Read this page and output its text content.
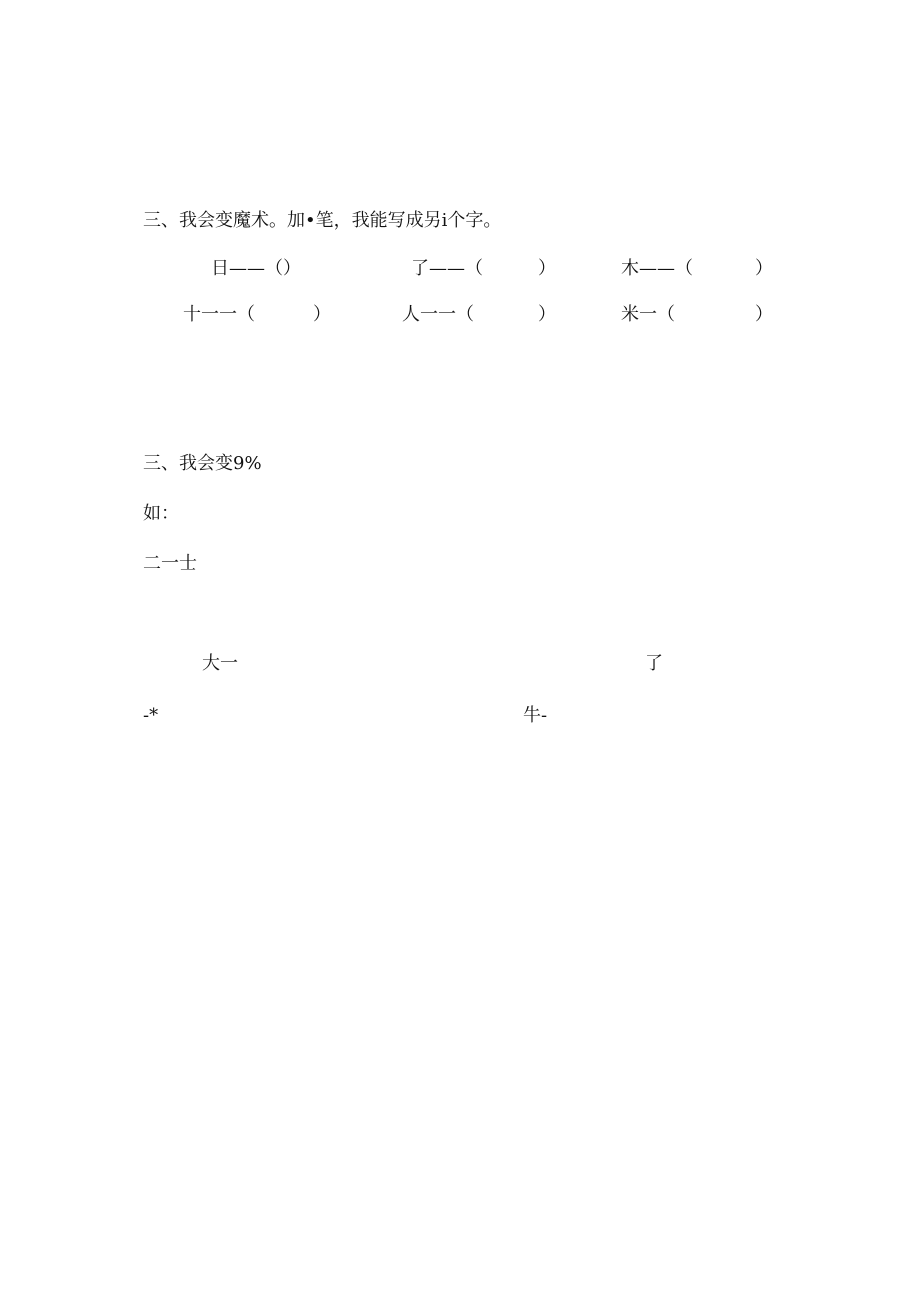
三、我会变魔术。加•笔，我能写成另i个字。
日——（）	了——（	）	木——（	）
十一一（	）	人一一（	）	米一（	）
三、我会变9%
如：
二一士
大一	了
-*	牛-
